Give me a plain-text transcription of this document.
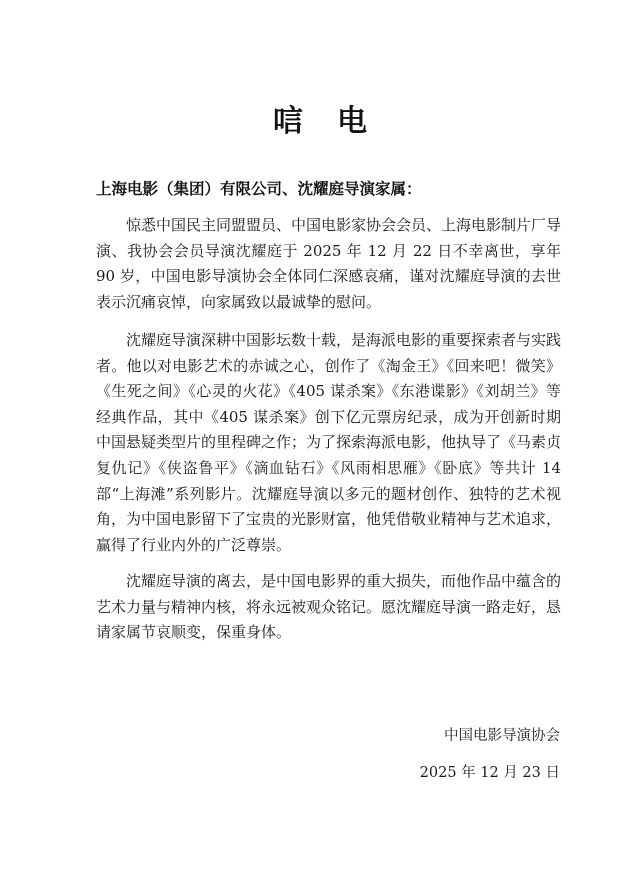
唁电
上海电影（集团）有限公司、沈耀庭导演家属：
惊悉中国民主同盟盟员、中国电影家协会会员、上海电影制片厂导演、我协会会员导演沈耀庭于 2025 年 12 月 22 日不幸离世，享年 90 岁，中国电影导演协会全体同仁深感哀痛，谨对沈耀庭导演的去世表示沉痛哀悼，向家属致以最诚挚的慰问。
沈耀庭导演深耕中国影坛数十载，是海派电影的重要探索者与实践者。他以对电影艺术的赤诚之心，创作了《淘金王》《回来吧！微笑》《生死之间》《心灵的火花》《405 谋杀案》《东港谍影》《刘胡兰》等经典作品，其中《405 谋杀案》创下亿元票房纪录，成为开创新时期中国悬疑类型片的里程碑之作；为了探索海派电影，他执导了《马素贞复仇记》《侠盗鲁平》《滴血钻石》《风雨相思雁》《卧底》等共计 14 部“上海滩”系列影片。沈耀庭导演以多元的题材创作、独特的艺术视角，为中国电影留下了宝贵的光影财富，他凭借敬业精神与艺术追求，赢得了行业内外的广泛尊崇。
沈耀庭导演的离去，是中国电影界的重大损失，而他作品中蕴含的艺术力量与精神内核，将永远被观众铭记。愿沈耀庭导演一路走好，恳请家属节哀顺变，保重身体。
中国电影导演协会
2025 年 12 月 23 日
